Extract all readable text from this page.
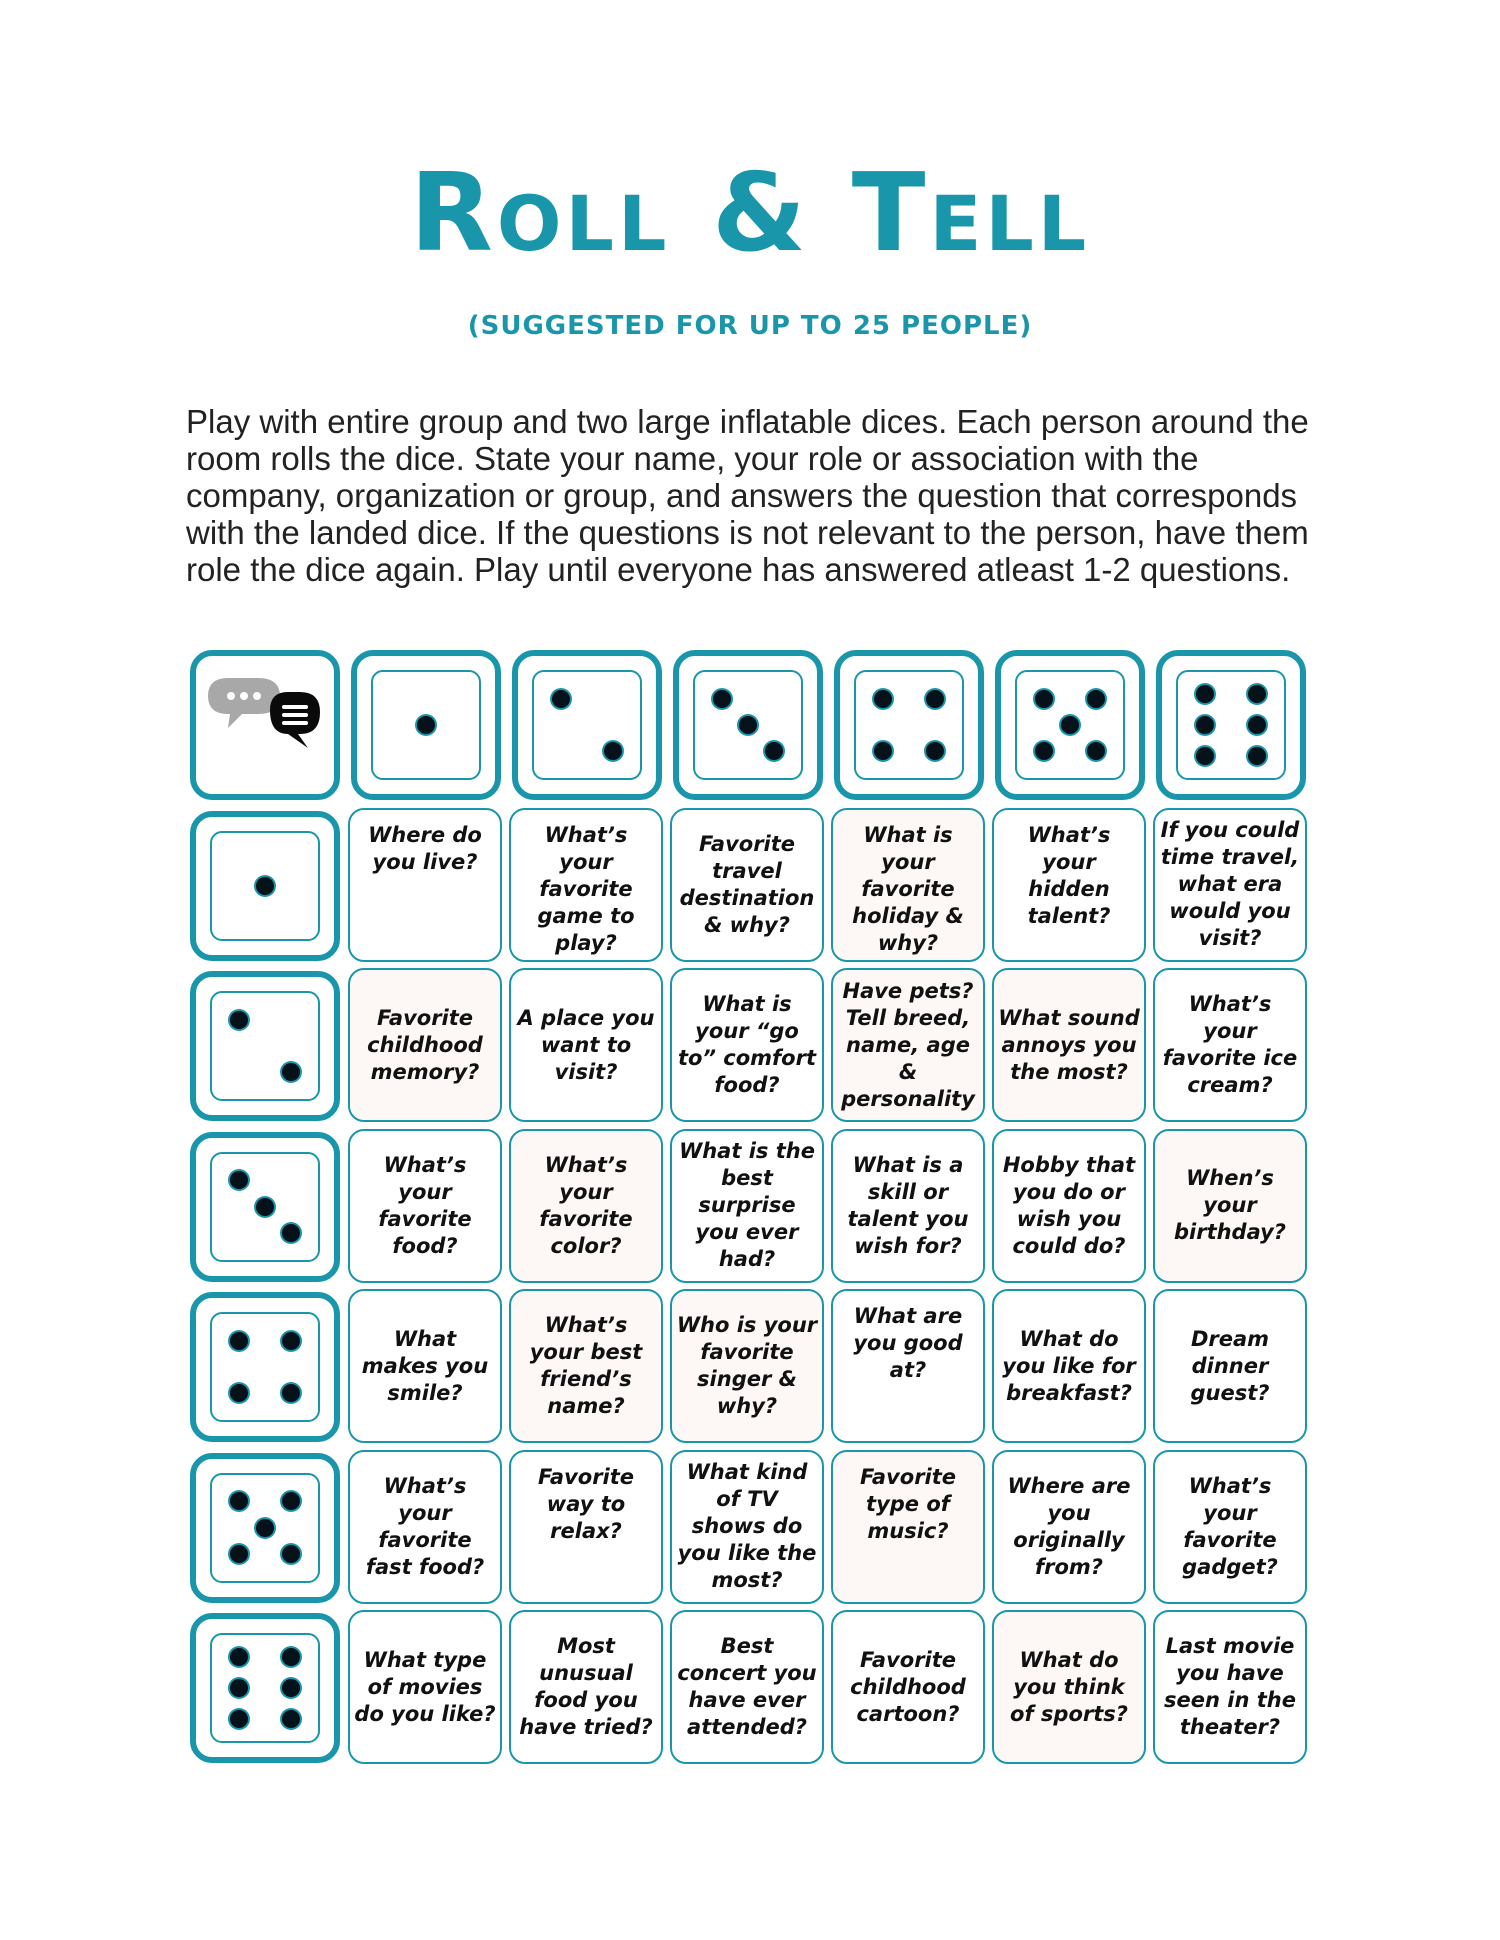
Roll & Tell
(SUGGESTED FOR UP TO 25 PEOPLE)
Play with entire group and two large inflatable dices. Each person around the room rolls the dice. State your name, your role or association with the company, organization or group, and answers the question that corresponds with the landed dice. If the questions is not relevant to the person, have them role the dice again. Play until everyone has answered atleast 1-2 questions.
Where do you live?
What’s your favorite game to play?
Favorite travel destination & why?
What is your favorite holiday & why?
What’s your hidden talent?
If you could time travel, what era would you visit?
Favorite childhood memory?
A place you want to visit?
What is your “go to” comfort food?
Have pets? Tell breed, name, age & personality
What sound annoys you the most?
What’s your favorite ice cream?
What’s your favorite food?
What’s your favorite color?
What is the best surprise you ever had?
What is a skill or talent you wish for?
Hobby that you do or wish you could do?
When’s your birthday?
What makes you smile?
What’s your best friend’s name?
Who is your favorite singer & why?
What are you good at?
What do you like for breakfast?
Dream dinner guest?
What’s your favorite fast food?
Favorite way to relax?
What kind of TV shows do you like the most?
Favorite type of music?
Where are you originally from?
What’s your favorite gadget?
What type of movies do you like?
Most unusual food you have tried?
Best concert you have ever attended?
Favorite childhood cartoon?
What do you think of sports?
Last movie you have seen in the theater?
